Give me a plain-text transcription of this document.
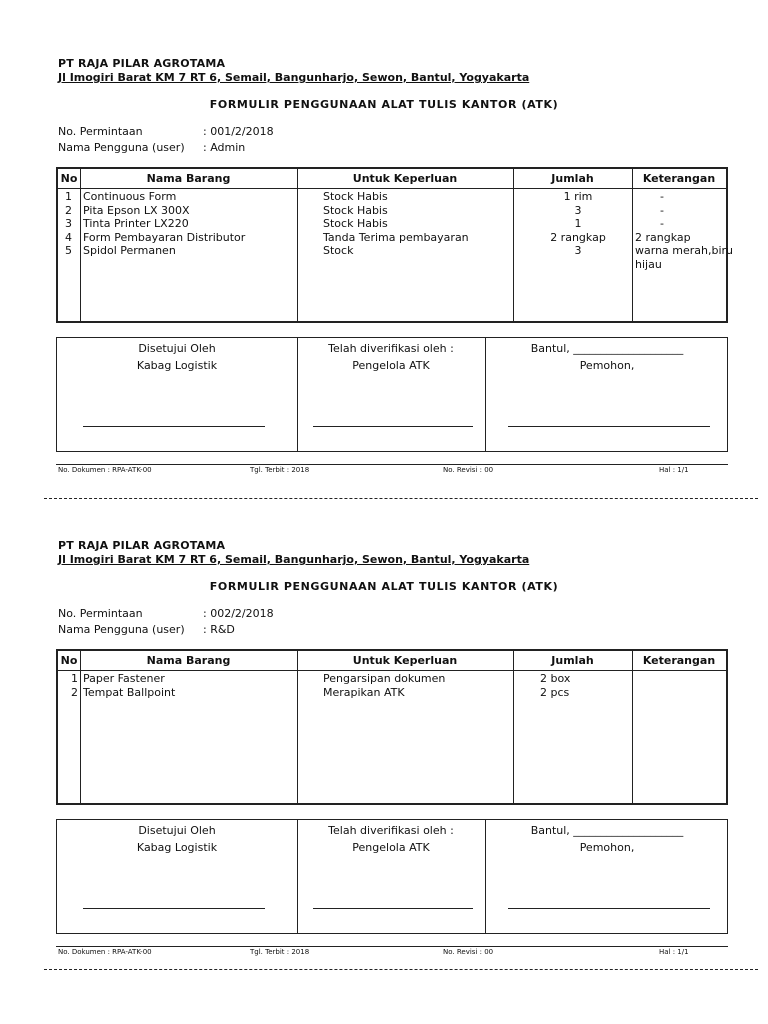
PT RAJA PILAR AGROTAMA
Jl Imogiri Barat KM 7 RT 6, Semail, Bangunharjo, Sewon, Bantul, Yogyakarta
FORMULIR PENGGUNAAN ALAT TULIS KANTOR (ATK)
No. Permintaan	: 001/2/2018
Nama Pengguna (user) : Admin
No	Nama Barang	Untuk Keperluan	Jumlah	Keterangan
1 Continuous Form	Stock Habis	1 rim	-
2 Pita Epson LX 300X	Stock Habis	3	-
3 Tinta Printer LX220	Stock Habis	1	-
4 Form Pembayaran Distributor	Tanda Terima pembayaran	2 rangkap	2 rangkap
5 Spidol Permanen	Stock	3	warna merah,biru
hijau
Disetujui Oleh
Kabag Logistik
Telah diverifikasi oleh :
Pengelola ATK
Bantul, ____________________
Pemohon,
No. Dokumen : RPA-ATK-00	Tgl. Terbit : 2018	No. Revisi : 00	Hal : 1/1
PT RAJA PILAR AGROTAMA
Jl Imogiri Barat KM 7 RT 6, Semail, Bangunharjo, Sewon, Bantul, Yogyakarta
FORMULIR PENGGUNAAN ALAT TULIS KANTOR (ATK)
No. Permintaan	: 002/2/2018
Nama Pengguna (user) : R&D
No	Nama Barang	Untuk Keperluan	Jumlah	Keterangan
1 Paper Fastener	Pengarsipan dokumen	2 box
2 Tempat Ballpoint	Merapikan ATK	2 pcs
Disetujui Oleh
Kabag Logistik
Telah diverifikasi oleh :
Pengelola ATK
Bantul, ____________________
Pemohon,
No. Dokumen : RPA-ATK-00	Tgl. Terbit : 2018	No. Revisi : 00	Hal : 1/1
